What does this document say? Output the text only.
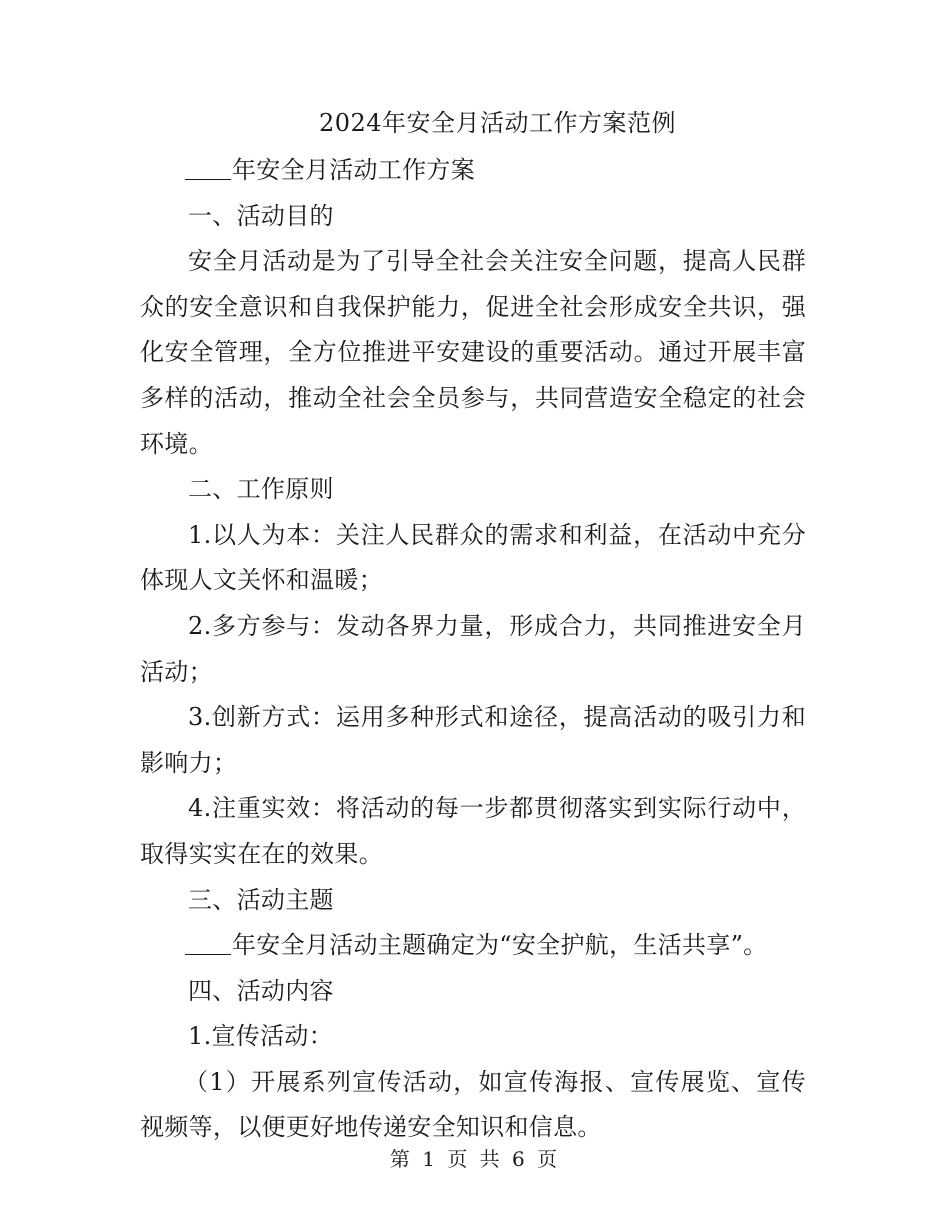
2024年安全月活动工作方案范例

年安全月活动工作方案

一、活动目的

安全月活动是为了引导全社会关注安全问题，提高人民群众的安全意识和自我保护能力，促进全社会形成安全共识，强化安全管理，全方位推进平安建设的重要活动。通过开展丰富多样的活动，推动全社会全员参与，共同营造安全稳定的社会环境。

二、工作原则

1.以人为本：关注人民群众的需求和利益，在活动中充分体现人文关怀和温暖；

2.多方参与：发动各界力量，形成合力，共同推进安全月活动；

3.创新方式：运用多种形式和途径，提高活动的吸引力和影响力；

4.注重实效：将活动的每一步都贯彻落实到实际行动中，取得实实在在的效果。

三、活动主题

年安全月活动主题确定为“安全护航，生活共享”。

四、活动内容

1.宣传活动：

（1）开展系列宣传活动，如宣传海报、宣传展览、宣传视频等，以便更好地传递安全知识和信息。

第 1 页 共 6 页
